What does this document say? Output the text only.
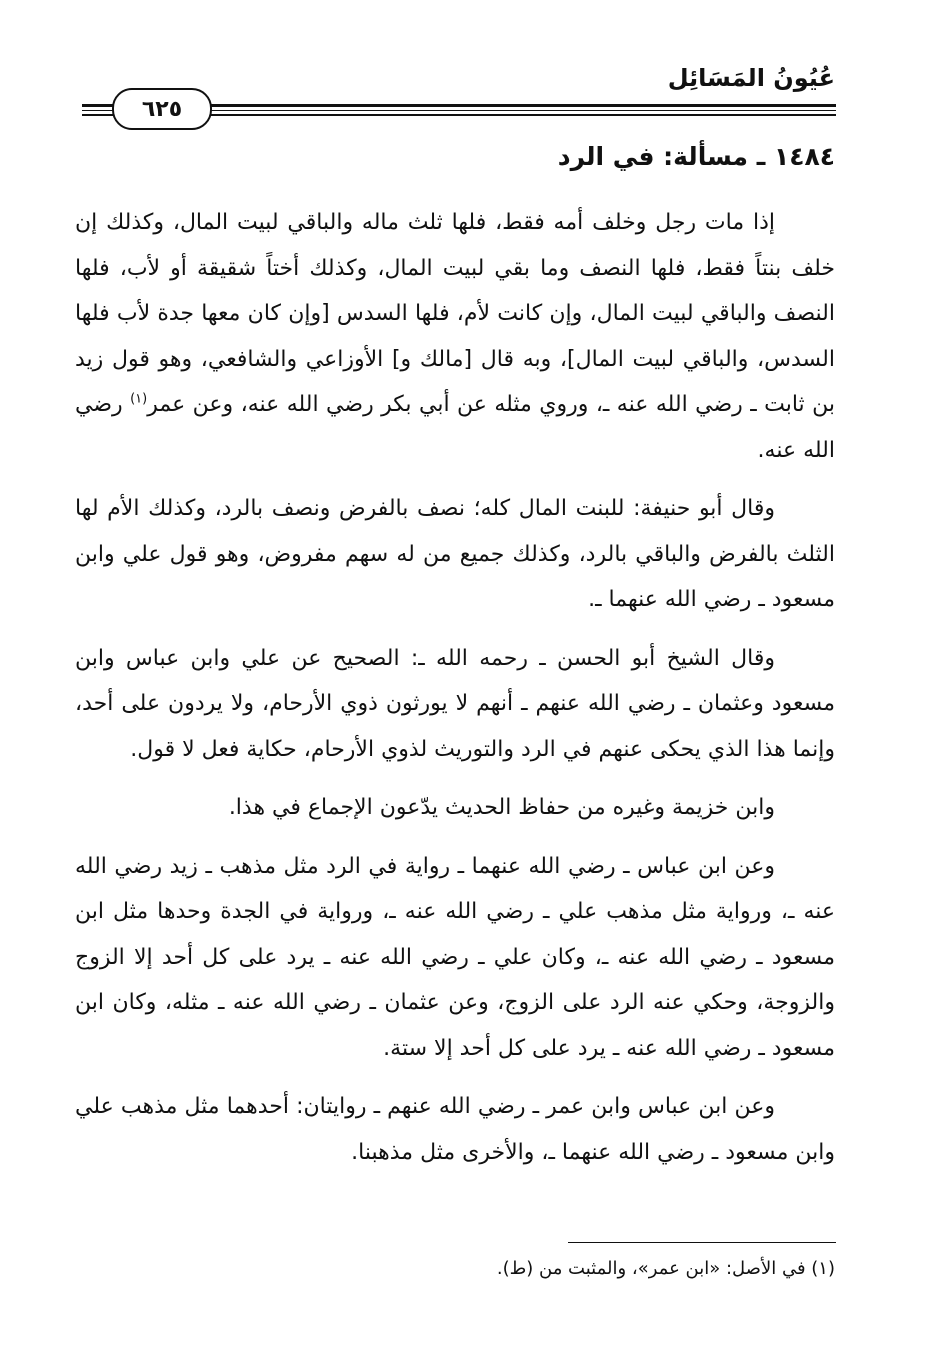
عُيُونُ المَسَائِل
٦٢٥
١٤٨٤ ـ مسألة: في الرد

إذا مات رجل وخلف أمه فقط، فلها ثلث ماله والباقي لبيت المال، وكذلك إن خلف بنتاً فقط، فلها النصف وما بقي لبيت المال، وكذلك أختاً شقيقة أو لأب، فلها النصف والباقي لبيت المال، وإن كانت لأم، فلها السدس [وإن كان معها جدة لأب فلها السدس، والباقي لبيت المال]، وبه قال [مالك و] الأوزاعي والشافعي، وهو قول زيد بن ثابت ـ رضي الله عنه ـ، وروي مثله عن أبي بكر رضي الله عنه، وعن عمر$^{(١)}$ رضي الله عنه.

وقال أبو حنيفة: للبنت المال كله؛ نصف بالفرض ونصف بالرد، وكذلك الأم لها الثلث بالفرض والباقي بالرد، وكذلك جميع من له سهم مفروض، وهو قول علي وابن مسعود ـ رضي الله عنهما ـ.

وقال الشيخ أبو الحسن ـ رحمه الله ـ: الصحيح عن علي وابن عباس وابن مسعود وعثمان ـ رضي الله عنهم ـ أنهم لا يورثون ذوي الأرحام، ولا يردون على أحد، وإنما هذا الذي يحكى عنهم في الرد والتوريث لذوي الأرحام، حكاية فعل لا قول.

وابن خزيمة وغيره من حفاظ الحديث يدّعون الإجماع في هذا.

وعن ابن عباس ـ رضي الله عنهما ـ رواية في الرد مثل مذهب ـ زيد رضي الله عنه ـ، ورواية مثل مذهب علي ـ رضي الله عنه ـ، ورواية في الجدة وحدها مثل ابن مسعود ـ رضي الله عنه ـ، وكان علي ـ رضي الله عنه ـ يرد على كل أحد إلا الزوج والزوجة، وحكي عنه الرد على الزوج، وعن عثمان ـ رضي الله عنه ـ مثله، وكان ابن مسعود ـ رضي الله عنه ـ يرد على كل أحد إلا ستة.

وعن ابن عباس وابن عمر ـ رضي الله عنهم ـ روايتان: أحدهما مثل مذهب علي وابن مسعود ـ رضي الله عنهما ـ، والأخرى مثل مذهبنا.

(١) في الأصل: «ابن عمر»، والمثبت من (ط).
